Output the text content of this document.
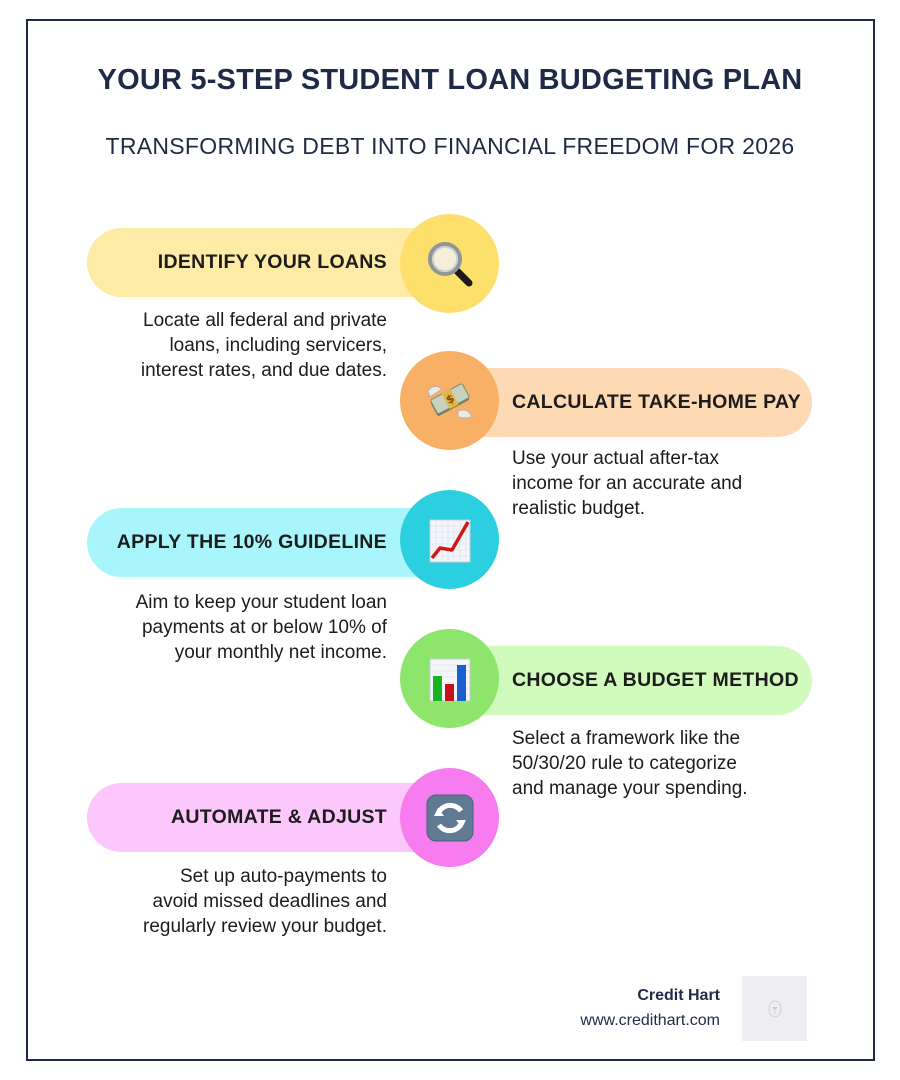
YOUR 5-STEP STUDENT LOAN BUDGETING PLAN
TRANSFORMING DEBT INTO FINANCIAL FREEDOM FOR 2026
IDENTIFY YOUR LOANS
Locate all federal and private
loans, including servicers,
interest rates, and due dates.
CALCULATE TAKE-HOME PAY
$
Use your actual after-tax
income for an accurate and
realistic budget.
APPLY THE 10% GUIDELINE
Aim to keep your student loan
payments at or below 10% of
your monthly net income.
CHOOSE A BUDGET METHOD
Select a framework like the
50/30/20 rule to categorize
and manage your spending.
AUTOMATE & ADJUST
Set up auto-payments to
avoid missed deadlines and
regularly review your budget.
Credit Hart
www.credithart.com
